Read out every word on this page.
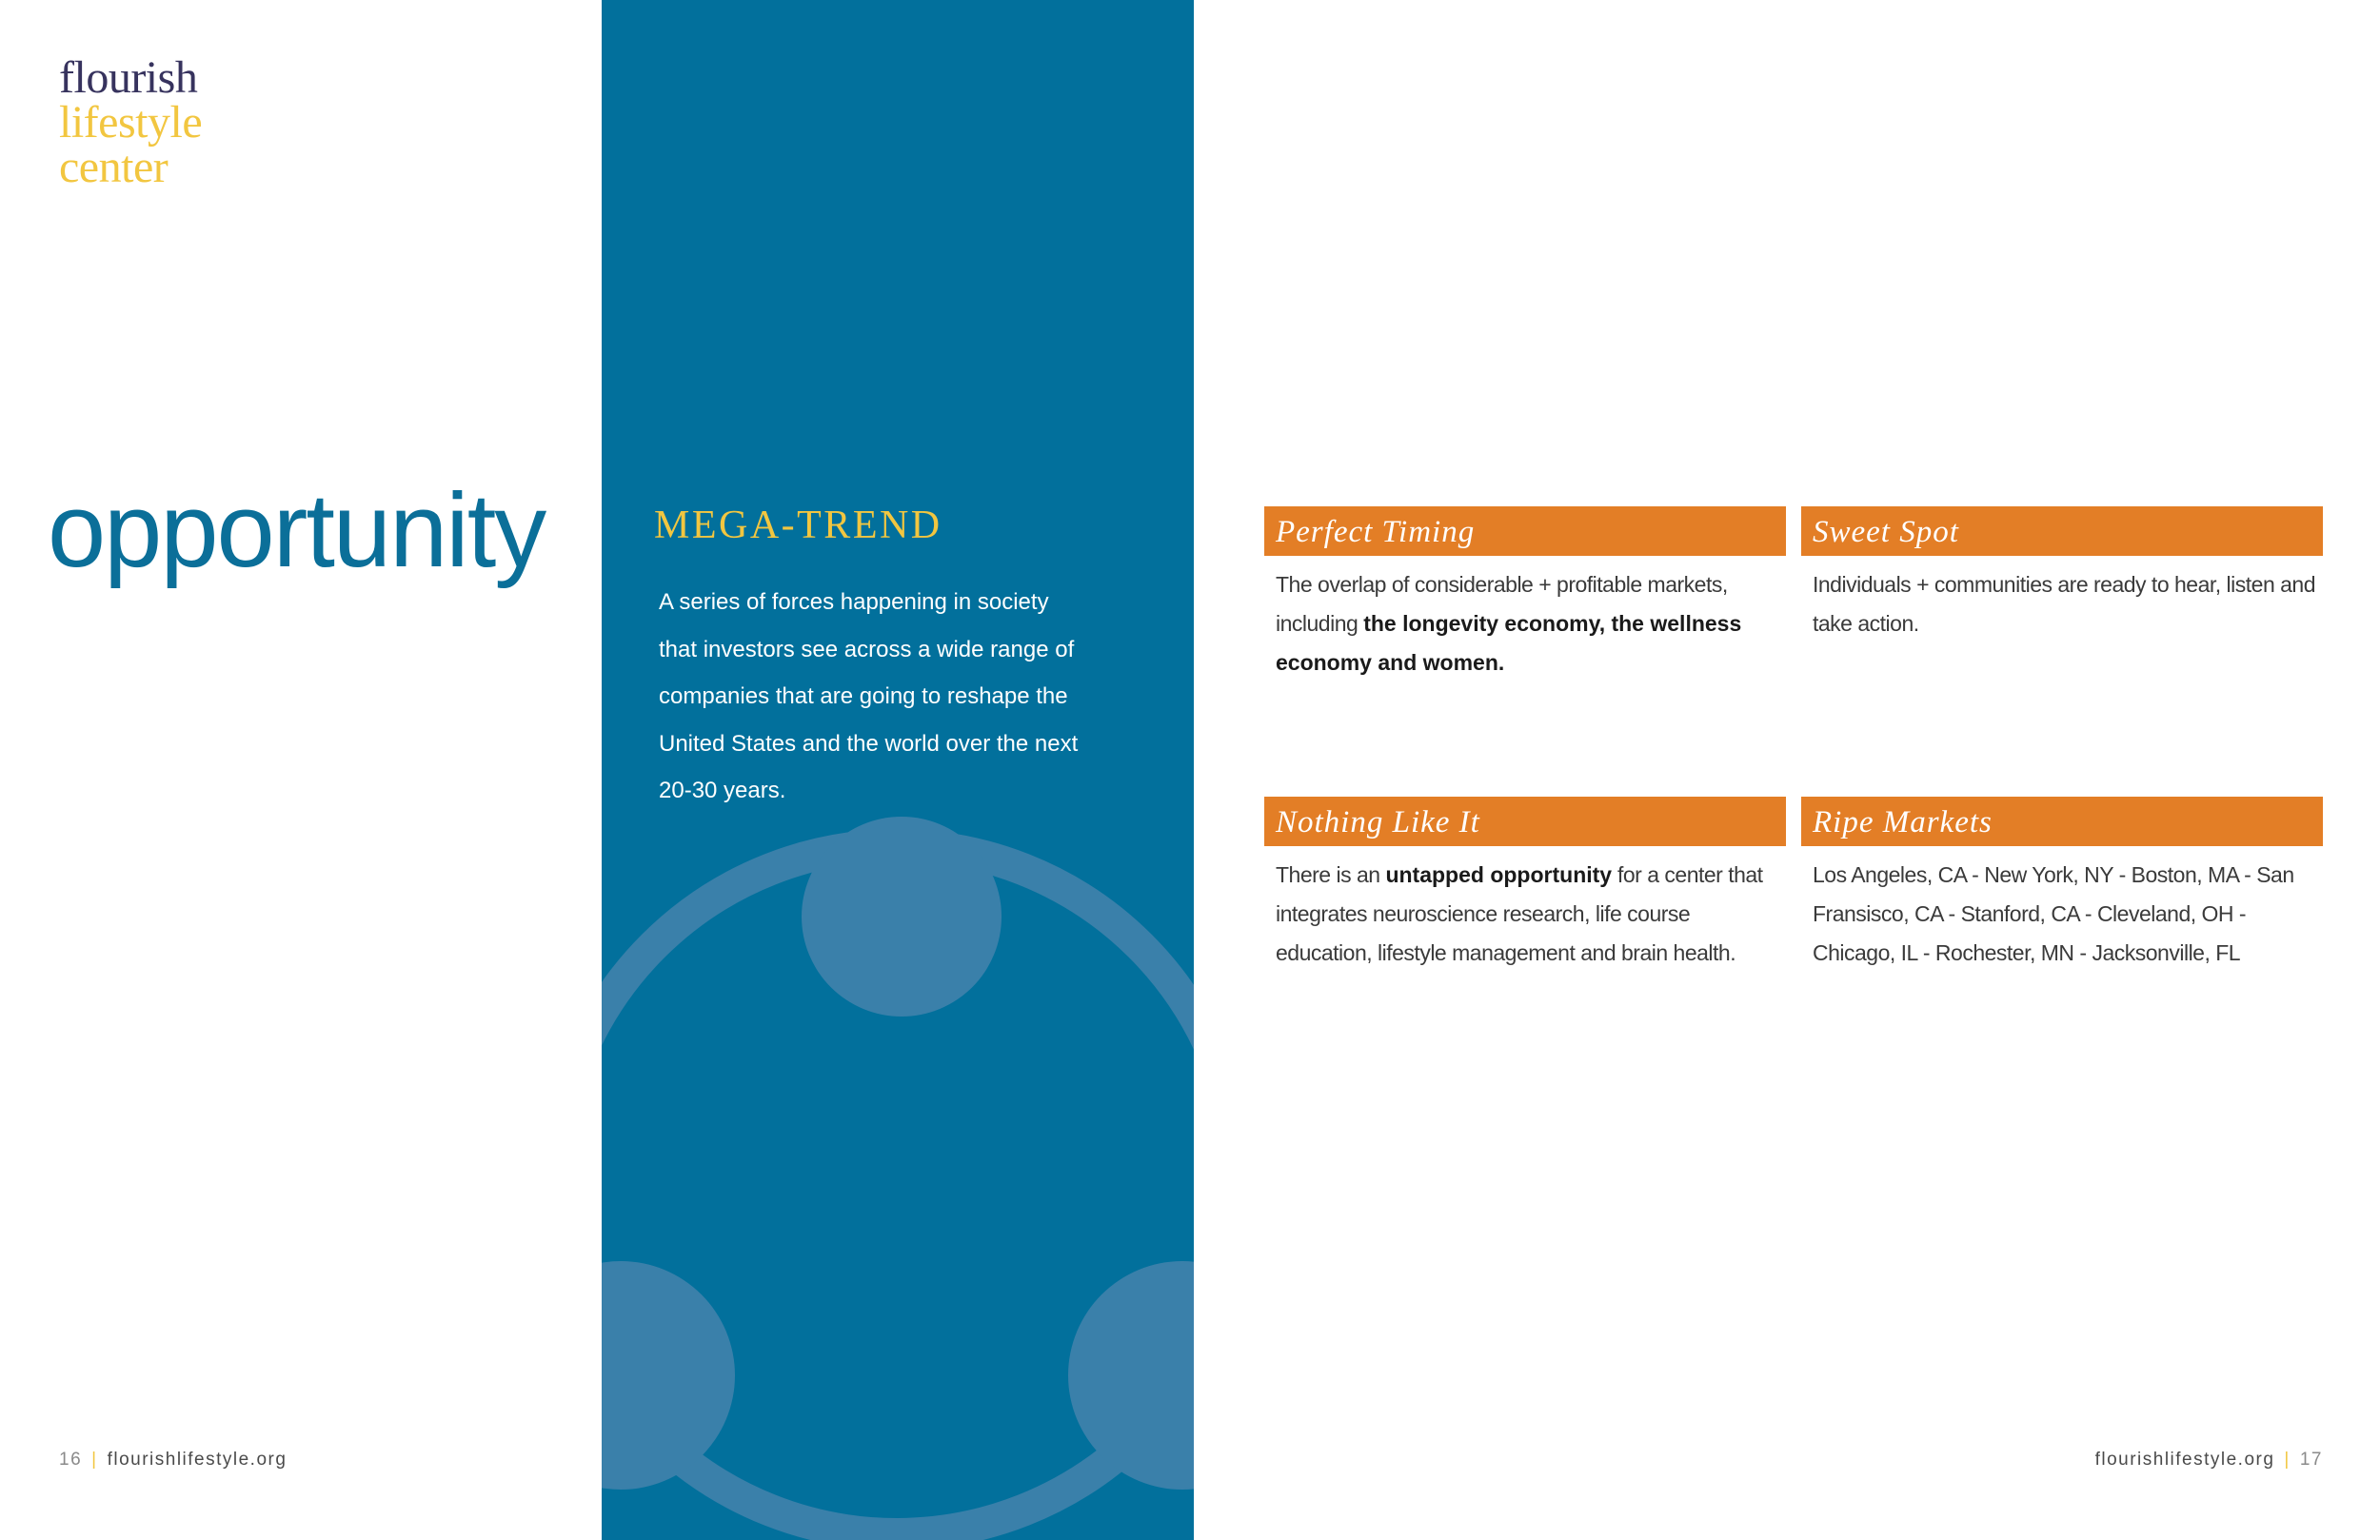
flourish
lifestyle
center
opportunity	MEGA-TREND
A series of forces happening in society
that investors see across a wide range of
companies that are going to reshape the
United States and the world over the next
20-30 years.
Perfect Timing
The overlap of considerable + profitable markets, including the longevity economy, the wellness economy and women.
Sweet Spot
Individuals + communities are ready to hear, listen and take action.
Nothing Like It
There is an untapped opportunity for a center that integrates neuroscience research, life course education, lifestyle management and brain health.
Ripe Markets
Los Angeles, CA - New York, NY - Boston, MA - San Fransisco, CA - Stanford, CA - Cleveland, OH - Chicago, IL - Rochester, MN - Jacksonville, FL
16 | flourishlifestyle.org	flourishlifestyle.org | 17
